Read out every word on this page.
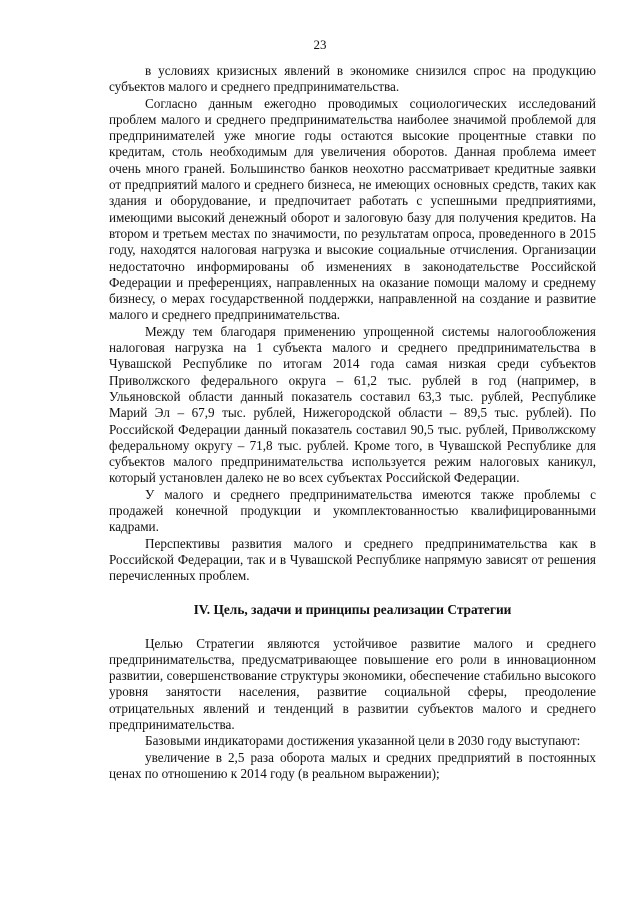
23

в условиях кризисных явлений в экономике снизился спрос на продукцию субъектов малого и среднего предпринимательства.

Согласно данным ежегодно проводимых социологических исследований проблем малого и среднего предпринимательства наиболее значимой проблемой для предпринимателей уже многие годы остаются высокие процентные ставки по кредитам, столь необходимым для увеличения оборотов. Данная проблема имеет очень много граней. Большинство банков неохотно рассматривает кредитные заявки от предприятий малого и среднего бизнеса, не имеющих основных средств, таких как здания и оборудование, и предпочитает работать с успешными предприятиями, имеющими высокий денежный оборот и залоговую базу для получения кредитов. На втором и третьем местах по значимости, по результатам опроса, проведенного в 2015 году, находятся налоговая нагрузка и высокие социальные отчисления. Организации недостаточно информированы об изменениях в законодательстве Российской Федерации и преференциях, направленных на оказание помощи малому и среднему бизнесу, о мерах государственной поддержки, направленной на создание и развитие малого и среднего предпринимательства.

Между тем благодаря применению упрощенной системы налогообложения налоговая нагрузка на 1 субъекта малого и среднего предпринимательства в Чувашской Республике по итогам 2014 года самая низкая среди субъектов Приволжского федерального округа – 61,2 тыс. рублей в год (например, в Ульяновской области данный показатель составил 63,3 тыс. рублей, Республике Марий Эл – 67,9 тыс. рублей, Нижегородской области – 89,5 тыс. рублей). По Российской Федерации данный показатель составил 90,5 тыс. рублей, Приволжскому федеральному округу – 71,8 тыс. рублей. Кроме того, в Чувашской Республике для субъектов малого предпринимательства используется режим налоговых каникул, который установлен далеко не во всех субъектах Российской Федерации.

У малого и среднего предпринимательства имеются также проблемы с продажей конечной продукции и укомплектованностью квалифицированными кадрами.

Перспективы развития малого и среднего предпринимательства как в Российской Федерации, так и в Чувашской Республике напрямую зависят от решения перечисленных проблем.

IV. Цель, задачи и принципы реализации Стратегии

Целью Стратегии являются устойчивое развитие малого и среднего предпринимательства, предусматривающее повышение его роли в инновационном развитии, совершенствование структуры экономики, обеспечение стабильно высокого уровня занятости населения, развитие социальной сферы, преодоление отрицательных явлений и тенденций в развитии субъектов малого и среднего предпринимательства.

Базовыми индикаторами достижения указанной цели в 2030 году выступают:

увеличение в 2,5 раза оборота малых и средних предприятий в постоянных ценах по отношению к 2014 году (в реальном выражении);
